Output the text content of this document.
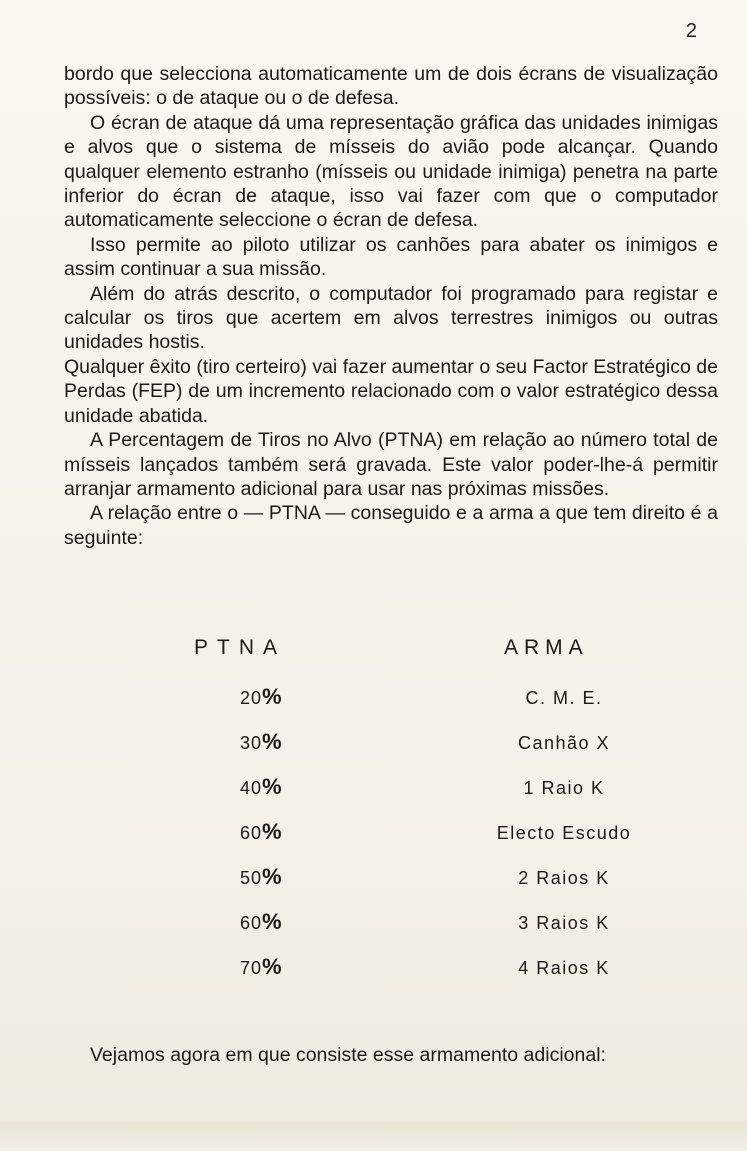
2

bordo que selecciona automaticamente um de dois écrans de visualização possíveis: o de ataque ou o de defesa.

O écran de ataque dá uma representação gráfica das unidades inimigas e alvos que o sistema de mísseis do avião pode alcançar. Quando qualquer elemento estranho (mísseis ou unidade inimiga) penetra na parte inferior do écran de ataque, isso vai fazer com que o computador automaticamente seleccione o écran de defesa.

Isso permite ao piloto utilizar os canhões para abater os inimigos e assim continuar a sua missão.

Além do atrás descrito, o computador foi programado para registar e calcular os tiros que acertem em alvos terrestres inimigos ou outras unidades hostis.

Qualquer êxito (tiro certeiro) vai fazer aumentar o seu Factor Estratégico de Perdas (FEP) de um incremento relacionado com o valor estratégico dessa unidade abatida.

A Percentagem de Tiros no Alvo (PTNA) em relação ao número total de mísseis lançados também será gravada. Este valor poder-lhe-á permitir arranjar armamento adicional para usar nas próximas missões.

A relação entre o — PTNA — conseguido e a arma a que tem direito é a seguinte:

PTNA	ARMA
20 %	C. M. E.
30 %	Canhão X
40 %	1 Raio K
60 %	Electo Escudo
50 %	2 Raios K
60 %	3 Raios K
70 %	4 Raios K

Vejamos agora em que consiste esse armamento adicional:
